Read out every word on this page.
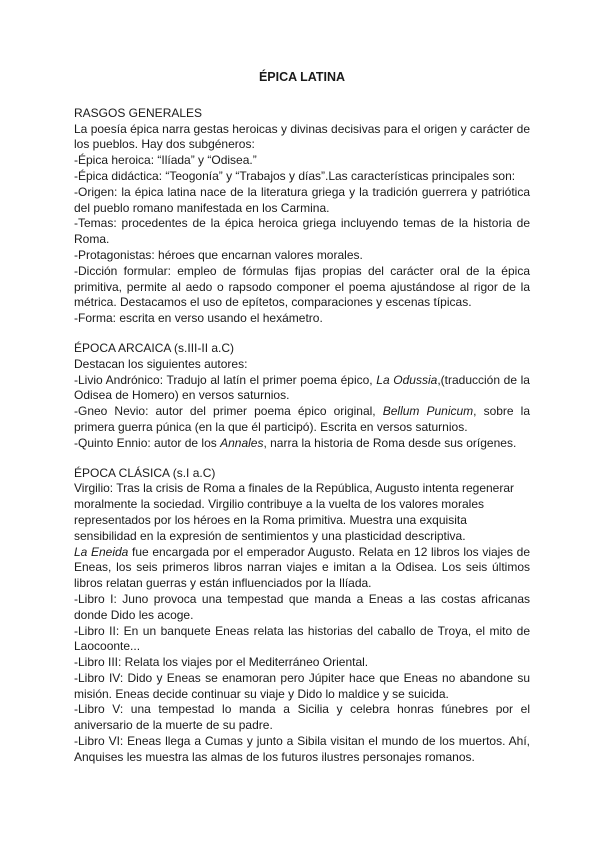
ÉPICA LATINA

RASGOS GENERALES

La poesía épica narra gestas heroicas y divinas decisivas para el origen y carácter de los pueblos. Hay dos subgéneros:

-Épica heroica: “Ilíada” y “Odisea.”

-Épica didáctica: “Teogonía” y “Trabajos y días”.Las características principales son:

-Origen: la épica latina nace de la literatura griega y la tradición guerrera y patriótica del pueblo romano manifestada en los Carmina.

-Temas: procedentes de la épica heroica griega incluyendo temas de la historia de Roma.

-Protagonistas: héroes que encarnan valores morales.

-Dicción formular: empleo de fórmulas fijas propias del carácter oral de la épica primitiva, permite al aedo o rapsodo componer el poema ajustándose al rigor de la métrica. Destacamos el uso de epítetos, comparaciones y escenas típicas.

-Forma: escrita en verso usando el hexámetro.

ÉPOCA ARCAICA (s.III-II a.C)

Destacan los siguientes autores:

-Livio Andrónico: Tradujo al latín el primer poema épico, La Odussia,(traducción de la Odisea de Homero) en versos saturnios.

-Gneo Nevio: autor del primer poema épico original, Bellum Punicum, sobre la primera guerra púnica (en la que él participó). Escrita en versos saturnios.

-Quinto Ennio: autor de los Annales, narra la historia de Roma desde sus orígenes.

ÉPOCA CLÁSICA (s.I a.C)

Virgilio: Tras la crisis de Roma a finales de la República, Augusto intenta regenerar moralmente la sociedad. Virgilio contribuye a la vuelta de los valores morales representados por los héroes en la Roma primitiva. Muestra una exquisita sensibilidad en la expresión de sentimientos y una plasticidad descriptiva.

La Eneida fue encargada por el emperador Augusto. Relata en 12 libros los viajes de Eneas, los seis primeros libros narran viajes e imitan a la Odisea. Los seis últimos libros relatan guerras y están influenciados por la Ilíada.

-Libro I: Juno provoca una tempestad que manda a Eneas a las costas africanas donde Dido les acoge.

-Libro II: En un banquete Eneas relata las historias del caballo de Troya, el mito de Laocoonte...

-Libro III: Relata los viajes por el Mediterráneo Oriental.

-Libro IV: Dido y Eneas se enamoran pero Júpiter hace que Eneas no abandone su misión. Eneas decide continuar su viaje y Dido lo maldice y se suicida.

-Libro V: una tempestad lo manda a Sicilia y celebra honras fúnebres por el aniversario de la muerte de su padre.

-Libro VI: Eneas llega a Cumas y junto a Sibila visitan el mundo de los muertos. Ahí, Anquises les muestra las almas de los futuros ilustres personajes romanos.
